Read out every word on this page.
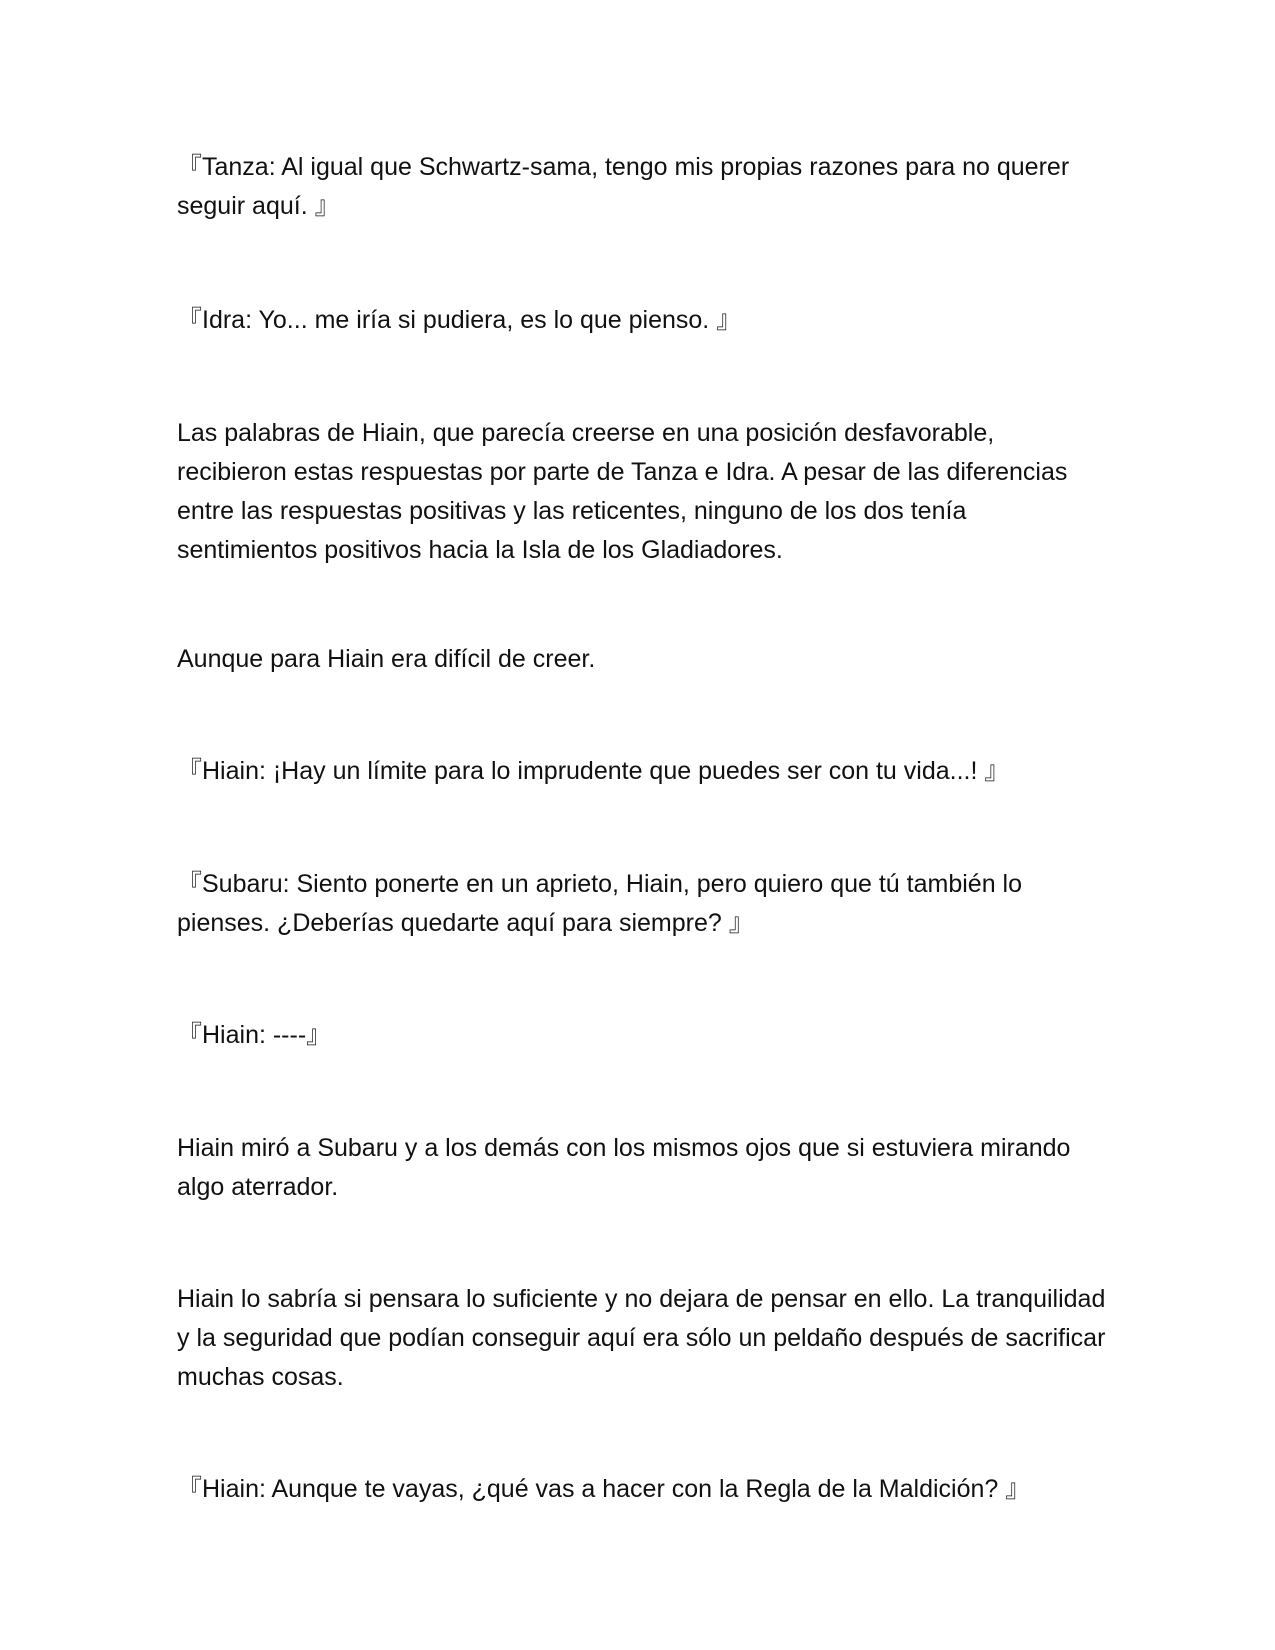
『Tanza: Al igual que Schwartz-sama, tengo mis propias razones para no querer seguir aquí. 』

『Idra: Yo... me iría si pudiera, es lo que pienso. 』

Las palabras de Hiain, que parecía creerse en una posición desfavorable, recibieron estas respuestas por parte de Tanza e Idra. A pesar de las diferencias entre las respuestas positivas y las reticentes, ninguno de los dos tenía sentimientos positivos hacia la Isla de los Gladiadores.

Aunque para Hiain era difícil de creer.

『Hiain: ¡Hay un límite para lo imprudente que puedes ser con tu vida...! 』

『Subaru: Siento ponerte en un aprieto, Hiain, pero quiero que tú también lo pienses. ¿Deberías quedarte aquí para siempre? 』

『Hiain: ----』

Hiain miró a Subaru y a los demás con los mismos ojos que si estuviera mirando algo aterrador.

Hiain lo sabría si pensara lo suficiente y no dejara de pensar en ello. La tranquilidad y la seguridad que podían conseguir aquí era sólo un peldaño después de sacrificar muchas cosas.

『Hiain: Aunque te vayas, ¿qué vas a hacer con la Regla de la Maldición? 』
